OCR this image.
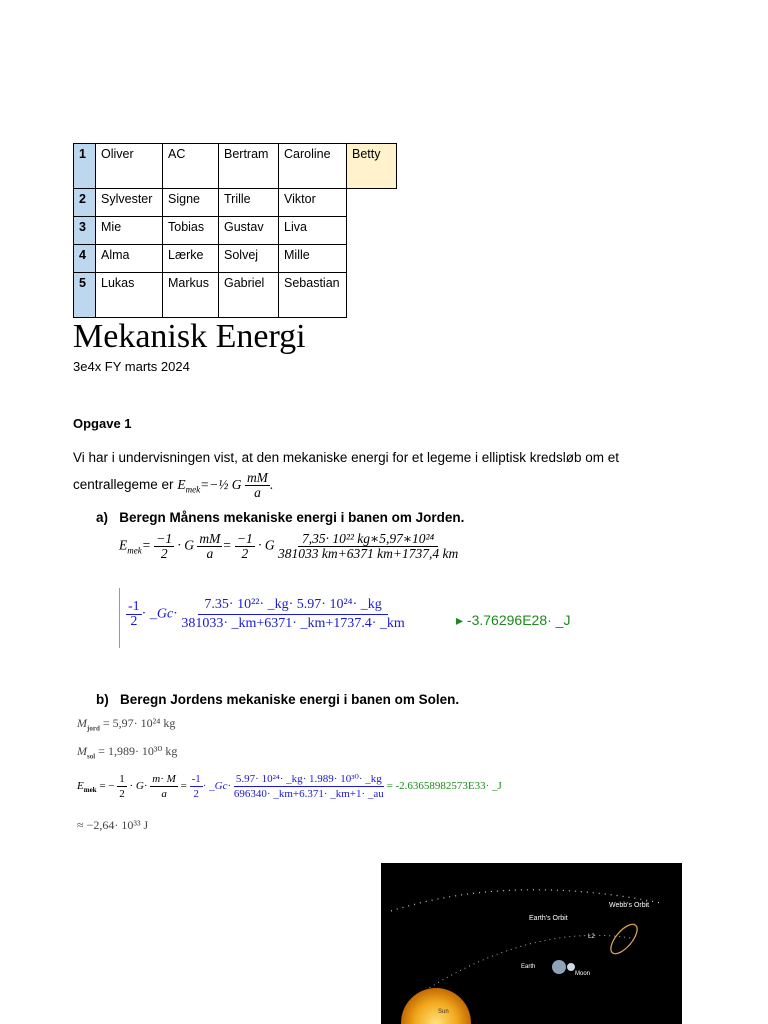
1	Oliver	AC	Bertram	Caroline	Betty
2	Sylvester	Signe	Trille	Viktor	
3	Mie	Tobias	Gustav	Liva	
4	Alma	Lærke	Solvej	Mille	
5	Lukas	Markus	Gabriel	Sebastian	
Mekanisk Energi
3e4x FY marts 2024
Opgave 1
Vi har i undervisningen vist, at den mekaniske energi for et legeme i elliptisk kredsløb om et centrallegeme er $E_{mek}=-\frac{1}{2}$ G $\frac{mM}{a}$ .
a) Beregn Månens mekaniske energi i banen om Jorden.
$E_{mek}= \frac{-1}{2} \cdot G \frac{mM}{a} = \frac{-1}{2} \cdot G \frac{\text{7,35· 10²² kg∗5,97∗10²⁴}}{381033 km+6371 km+1737,4 km}$
$\frac{-1}{2}$ · _Gc· $\frac{\text{7.35· 10²²· \_kg· 5.97· 10²⁴· \_kg}}{381033\cdot \_km+6371\cdot \_km+1737.4\cdot \_km}$	▸ -3.76296E28· _J
b) Beregn Jordens mekaniske energi i banen om Solen.
$M_{jord} = 5,97\cdot 10^{24}$ kg
$M_{sol} = 1,989\cdot 10^{30}$ kg
$E_{mek}$ = − $\frac{1}{2} \cdot G\cdot \frac{m\cdot M}{a} = \frac{-1}{2}$ · _Gc· $\frac{\text{5.97· 10²⁴· \_kg· 1.989· 10³⁰· \_kg}}{696340\cdot \_km+6.371\cdot \_km+1\cdot \_au} = -2.63658982573E33\cdot$ _J
≈ −2,64· 10³³ J
Webb's Orbit
Earth's Orbit
L2
Earth
Moon
Sun
